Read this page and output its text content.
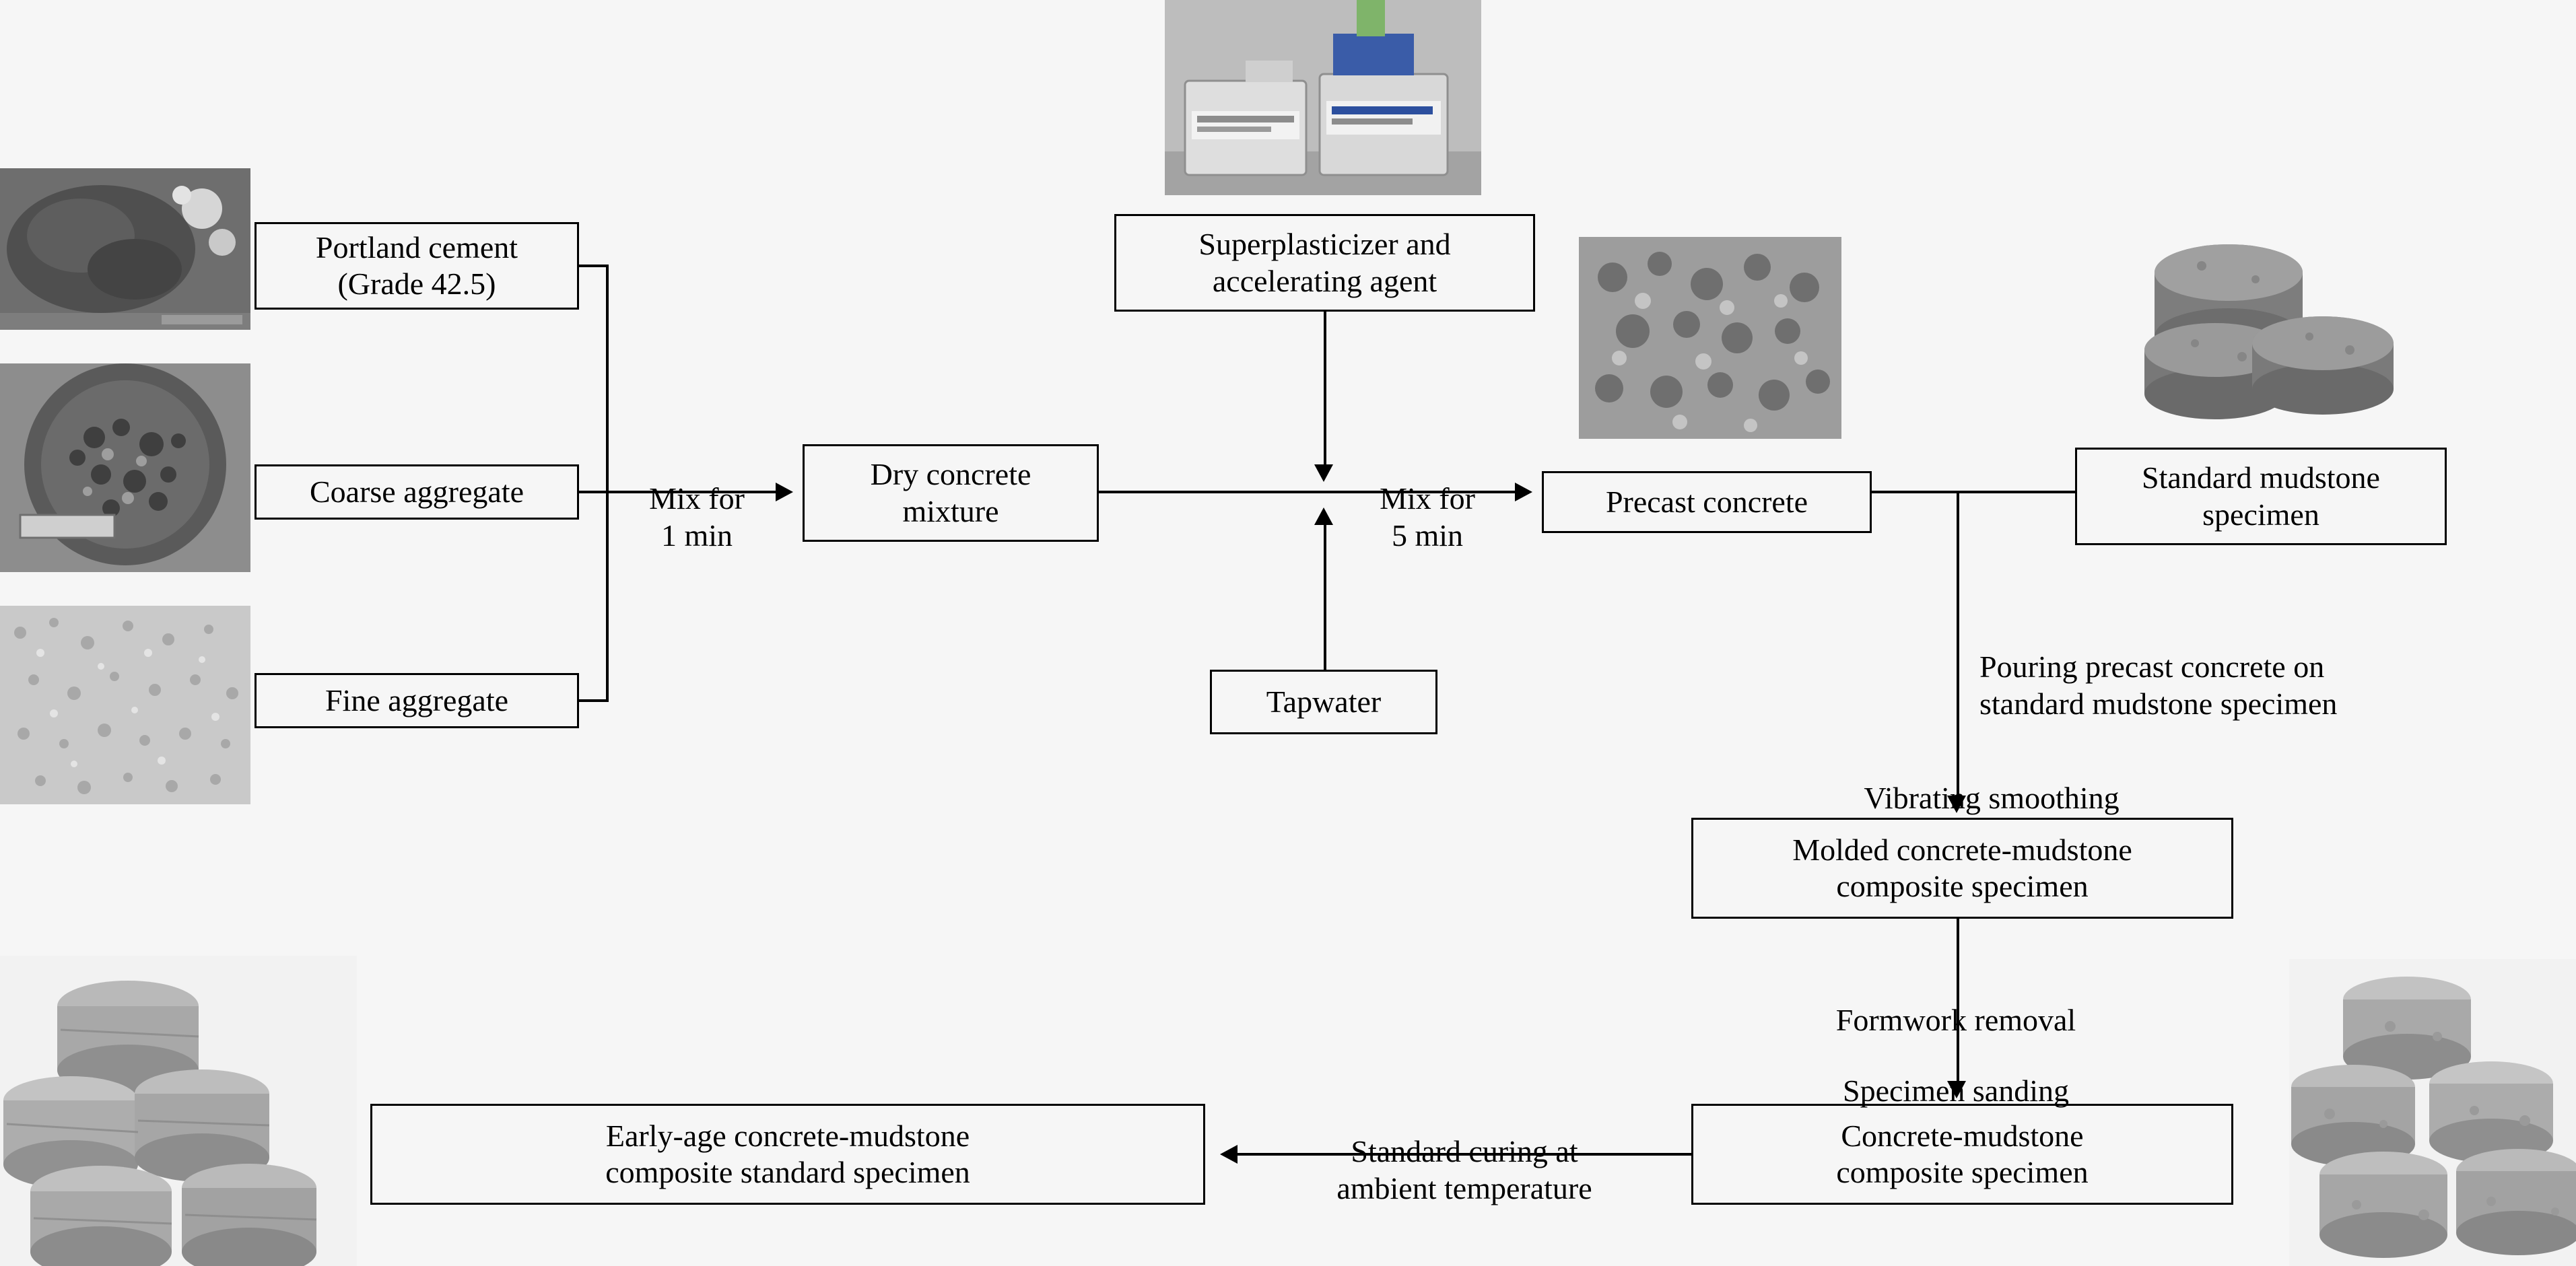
Portland cement
(Grade 42.5)
Coarse aggregate
Fine aggregate
Dry concrete
mixture
Superplasticizer and
accelerating agent
Tapwater
Precast concrete
Standard mudstone
specimen
Molded concrete-mudstone
composite specimen
Concrete-mudstone
composite specimen
Early-age concrete-mudstone
composite standard specimen

Mix for
1 min

Mix for
5 min

Pouring precast concrete on
standard mudstone specimen

Vibrating smoothing

Formwork removal

Specimen sanding

Standard curing at
ambient temperature
